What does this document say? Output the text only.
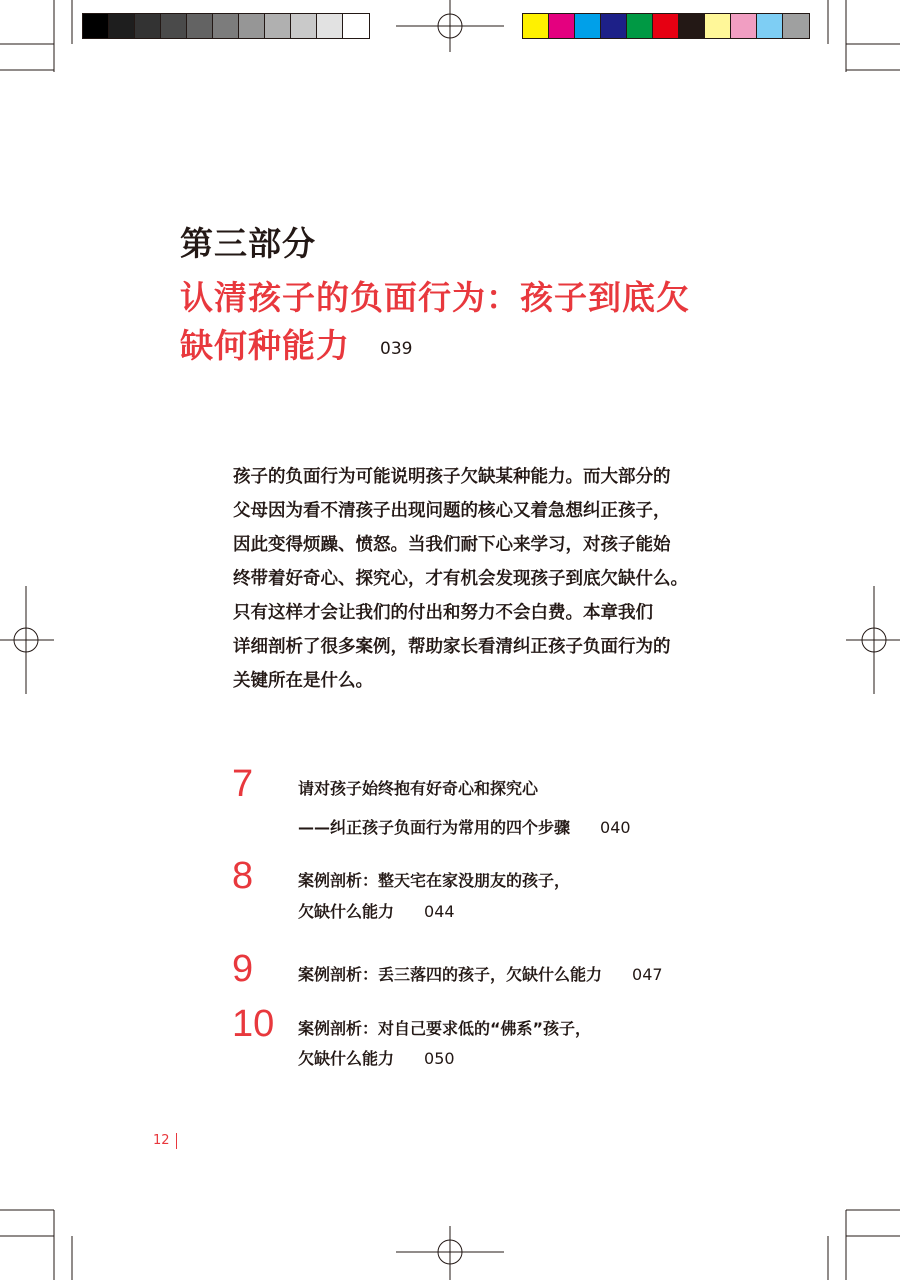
第三部分
认清孩子的负面行为：孩子到底欠
缺何种能力 039
孩子的负面行为可能说明孩子欠缺某种能力。而大部分的
父母因为看不清孩子出现问题的核心又着急想纠正孩子，
因此变得烦躁、愤怒。当我们耐下心来学习，对孩子能始
终带着好奇心、探究心，才有机会发现孩子到底欠缺什么。
只有这样才会让我们的付出和努力不会白费。本章我们
详细剖析了很多案例，帮助家长看清纠正孩子负面行为的
关键所在是什么。
7	请对孩子始终抱有好奇心和探究心
——纠正孩子负面行为常用的四个步骤 040
8	案例剖析：整天宅在家没朋友的孩子，
欠缺什么能力 044
9	案例剖析：丢三落四的孩子，欠缺什么能力 047
10 案例剖析：对自己要求低的“佛系”孩子，
欠缺什么能力 050
12
